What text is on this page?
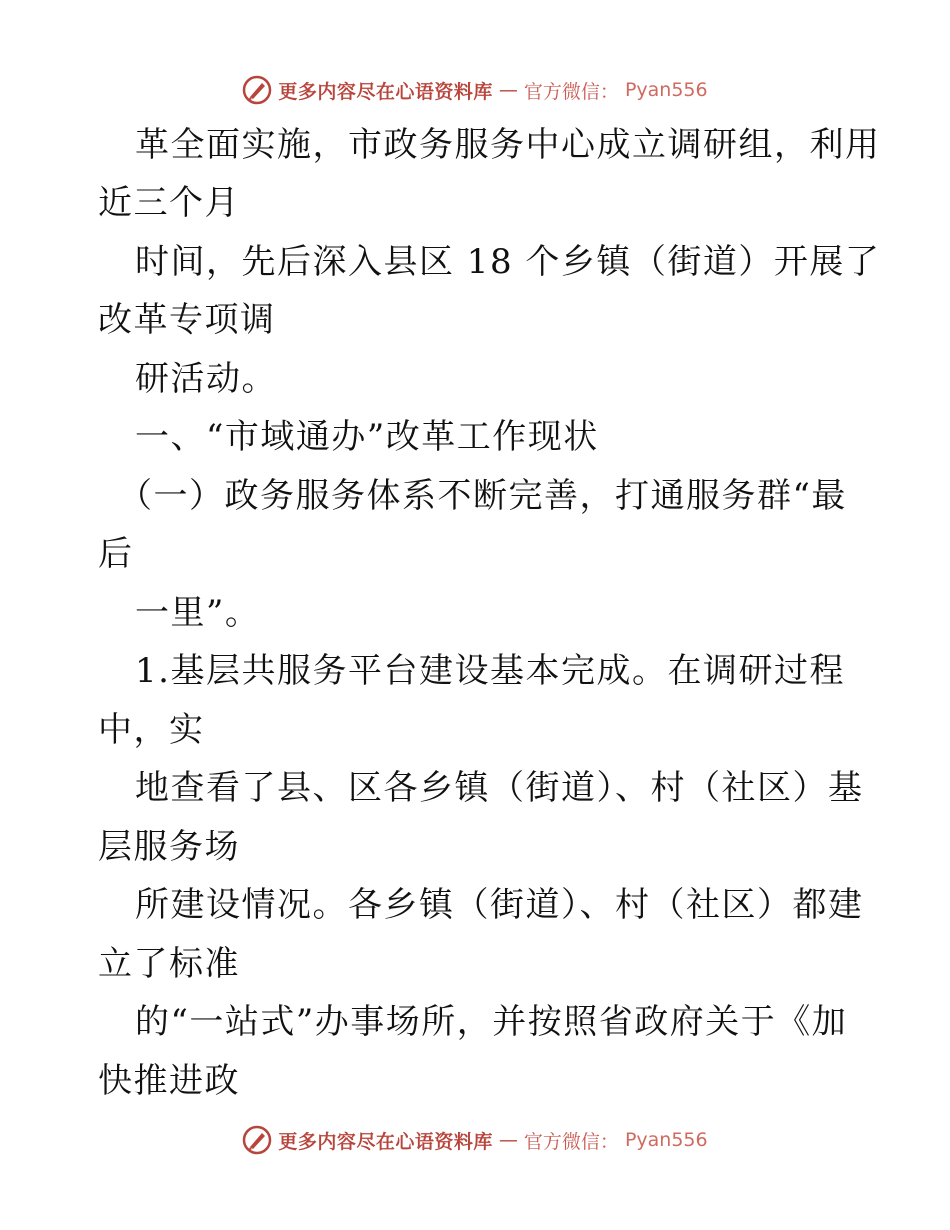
更多内容尽在心语资料库 — 官方微信： Pyan556
革全面实施，市政务服务中心成立调研组，利用
近三个月
时间，先后深入县区 18 个乡镇（街道）开展了
改革专项调
研活动。
一、“市域通办”改革工作现状
（一）政务服务体系不断完善，打通服务群“最
后
一里”。
1.基层共服务平台建设基本完成。在调研过程
中，实
地查看了县、区各乡镇（街道）、村（社区）基
层服务场
所建设情况。各乡镇（街道）、村（社区）都建
立了标准
的“一站式”办事场所，并按照省政府关于《加
快推进政
更多内容尽在心语资料库 — 官方微信： Pyan556
